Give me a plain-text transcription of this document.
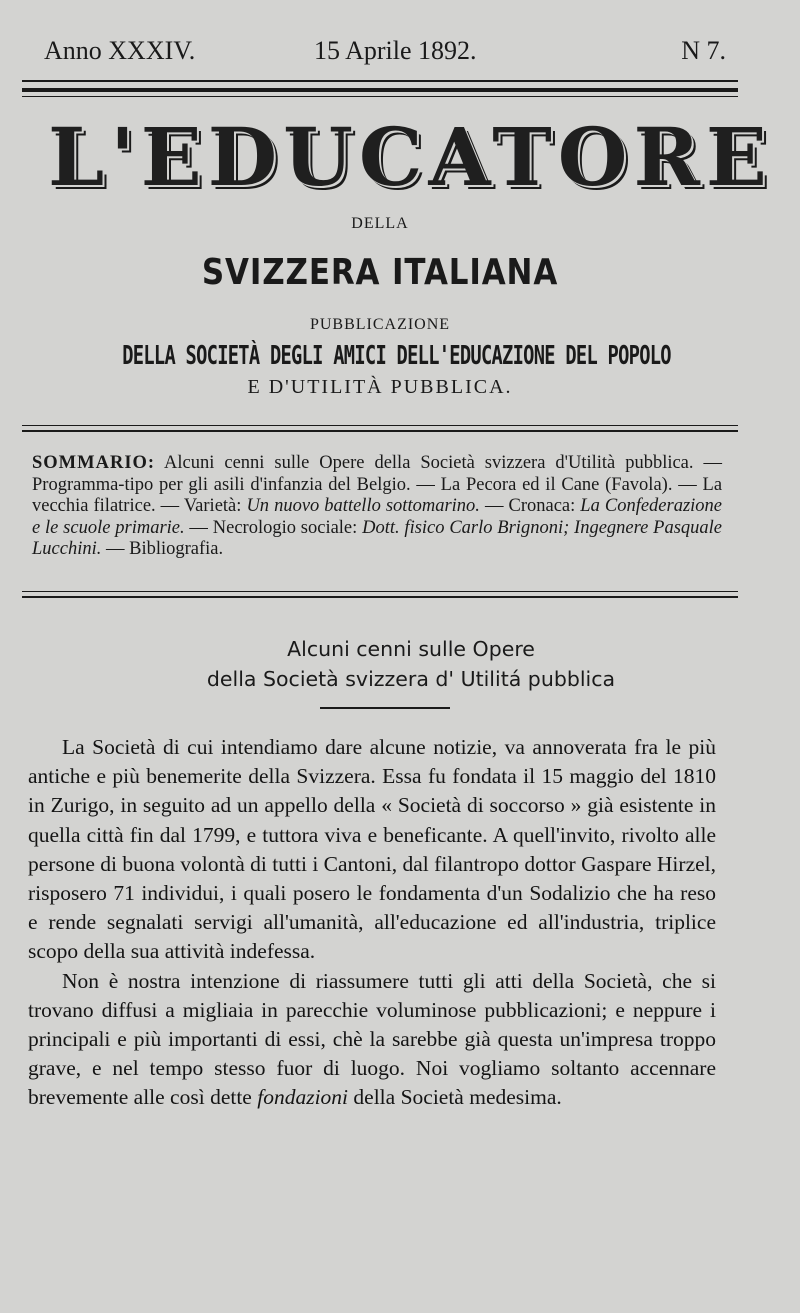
Anno XXXIV.	15 Aprile 1892.	N 7.
L'EDUCATORE
DELLA
SVIZZERA ITALIANA
PUBBLICAZIONE
DELLA SOCIETÀ DEGLI AMICI DELL'EDUCAZIONE DEL POPOLO
E D'UTILITÀ PUBBLICA.
SOMMARIO: Alcuni cenni sulle Opere della Società svizzera d'Utilità pubblica. — Programma-tipo per gli asili d'infanzia del Belgio. — La Pecora ed il Cane (Favola). — La vecchia filatrice. — Varietà: Un nuovo battello sottomarino. — Cronaca: La Confederazione e le scuole primarie. — Necrologio sociale: Dott. fisico Carlo Brignoni; Ingegnere Pasquale Lucchini. — Bibliografia.
Alcuni cenni sulle Opere
della Società svizzera d' Utilitá pubblica

La Società di cui intendiamo dare alcune notizie, va annoverata fra le più antiche e più benemerite della Svizzera. Essa fu fondata il 15 maggio del 1810 in Zurigo, in seguito ad un appello della « Società di soccorso » già esistente in quella città fin dal 1799, e tuttora viva e beneficante. A quell'invito, rivolto alle persone di buona volontà di tutti i Cantoni, dal filantropo dottor Gaspare Hirzel, risposero 71 individui, i quali posero le fondamenta d'un Sodalizio che ha reso e rende segnalati servigi all'umanità, all'educazione ed all'industria, triplice scopo della sua attività indefessa.

Non è nostra intenzione di riassumere tutti gli atti della Società, che si trovano diffusi a migliaia in parecchie voluminose pubblicazioni; e neppure i principali e più importanti di essi, chè la sarebbe già questa un'impresa troppo grave, e nel tempo stesso fuor di luogo. Noi vogliamo soltanto accennare brevemente alle così dette fondazioni della Società medesima.
